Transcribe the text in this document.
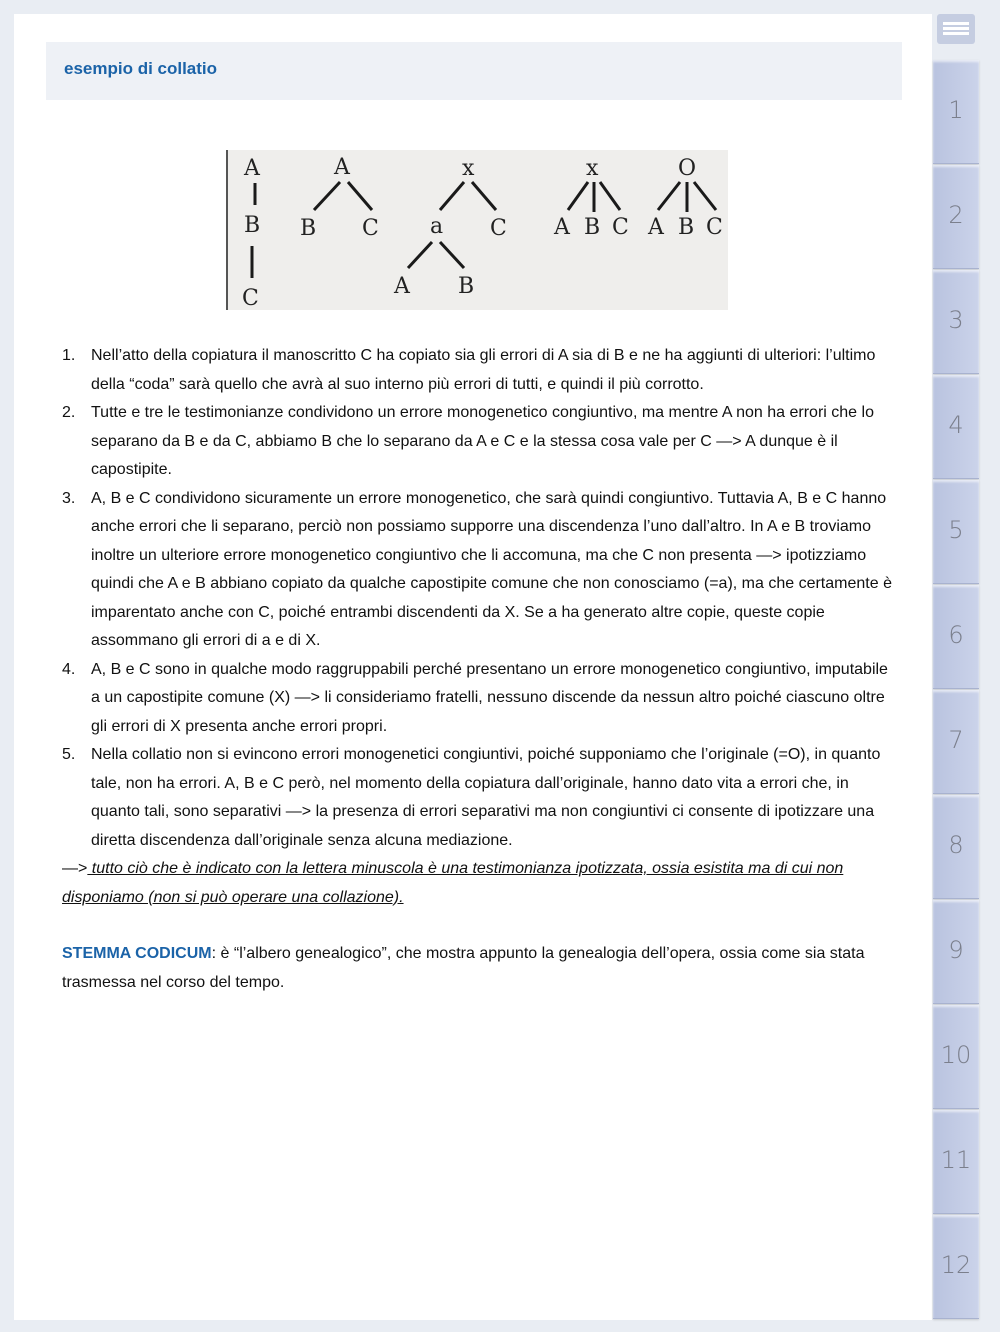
esempio di collatio
A
B
C
A
B C
x
a C
A B
x
A B C
O
A B C
1. Nell’atto della copiatura il manoscritto C ha copiato sia gli errori di A sia di B e ne ha aggiunti di ulteriori: l’ultimo della “coda” sarà quello che avrà al suo interno più errori di tutti, e quindi il più corrotto.
2. Tutte e tre le testimonianze condividono un errore monogenetico congiuntivo, ma mentre A non ha errori che lo separano da B e da C, abbiamo B che lo separano da A e C e la stessa cosa vale per C —> A dunque è il capostipite.
3. A, B e C condividono sicuramente un errore monogenetico, che sarà quindi congiuntivo. Tuttavia A, B e C hanno anche errori che li separano, perciò non possiamo supporre una discendenza l’uno dall’altro. In A e B troviamo inoltre un ulteriore errore monogenetico congiuntivo che li accomuna, ma che C non presenta —> ipotizziamo quindi che A e B abbiano copiato da qualche capostipite comune che non conosciamo (=a), ma che certamente è imparentato anche con C, poiché entrambi discendenti da X. Se a ha generato altre copie, queste copie assommano gli errori di a e di X.
4. A, B e C sono in qualche modo raggruppabili perché presentano un errore monogenetico congiuntivo, imputabile a un capostipite comune (X) —> li consideriamo fratelli, nessuno discende da nessun altro poiché ciascuno oltre gli errori di X presenta anche errori propri.
5. Nella collatio non si evincono errori monogenetici congiuntivi, poiché supponiamo che l’originale (=O), in quanto tale, non ha errori. A, B e C però, nel momento della copiatura dall’originale, hanno dato vita a errori che, in quanto tali, sono separativi —> la presenza di errori separativi ma non congiuntivi ci consente di ipotizzare una diretta discendenza dall’originale senza alcuna mediazione.

—> tutto ciò che è indicato con la lettera minuscola è una testimonianza ipotizzata, ossia esistita ma di cui non disponiamo (non si può operare una collazione).

STEMMA CODICUM: è “l’albero genealogico”, che mostra appunto la genealogia dell’opera, ossia come sia stata trasmessa nel corso del tempo.

1
2
3
4
5
6
7
8
9
10
11
12
